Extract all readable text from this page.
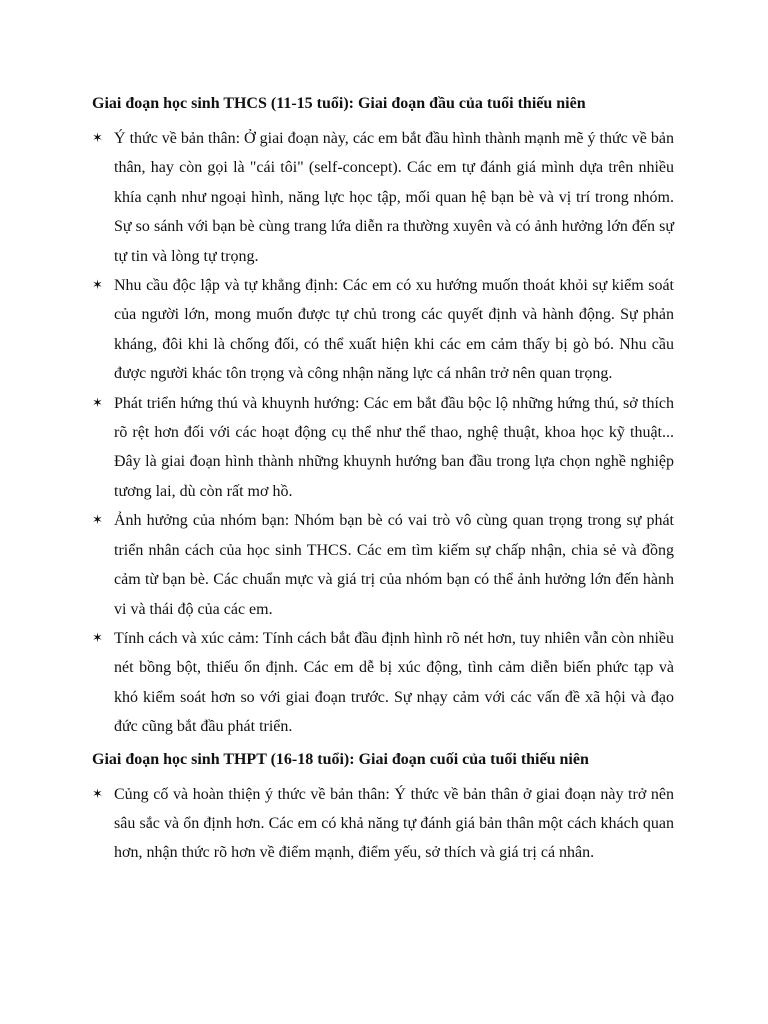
Giai đoạn học sinh THCS (11-15 tuổi): Giai đoạn đầu của tuổi thiếu niên

✶ Ý thức về bản thân: Ở giai đoạn này, các em bắt đầu hình thành mạnh mẽ ý thức về bản thân, hay còn gọi là "cái tôi" (self-concept). Các em tự đánh giá mình dựa trên nhiều khía cạnh như ngoại hình, năng lực học tập, mối quan hệ bạn bè và vị trí trong nhóm. Sự so sánh với bạn bè cùng trang lứa diễn ra thường xuyên và có ảnh hưởng lớn đến sự tự tin và lòng tự trọng.
✶ Nhu cầu độc lập và tự khẳng định: Các em có xu hướng muốn thoát khỏi sự kiểm soát của người lớn, mong muốn được tự chủ trong các quyết định và hành động. Sự phản kháng, đôi khi là chống đối, có thể xuất hiện khi các em cảm thấy bị gò bó. Nhu cầu được người khác tôn trọng và công nhận năng lực cá nhân trở nên quan trọng.
✶ Phát triển hứng thú và khuynh hướng: Các em bắt đầu bộc lộ những hứng thú, sở thích rõ rệt hơn đối với các hoạt động cụ thể như thể thao, nghệ thuật, khoa học kỹ thuật... Đây là giai đoạn hình thành những khuynh hướng ban đầu trong lựa chọn nghề nghiệp tương lai, dù còn rất mơ hồ.
✶ Ảnh hưởng của nhóm bạn: Nhóm bạn bè có vai trò vô cùng quan trọng trong sự phát triển nhân cách của học sinh THCS. Các em tìm kiếm sự chấp nhận, chia sẻ và đồng cảm từ bạn bè. Các chuẩn mực và giá trị của nhóm bạn có thể ảnh hưởng lớn đến hành vi và thái độ của các em.
✶ Tính cách và xúc cảm: Tính cách bắt đầu định hình rõ nét hơn, tuy nhiên vẫn còn nhiều nét bồng bột, thiếu ổn định. Các em dễ bị xúc động, tình cảm diễn biến phức tạp và khó kiểm soát hơn so với giai đoạn trước. Sự nhạy cảm với các vấn đề xã hội và đạo đức cũng bắt đầu phát triển.

Giai đoạn học sinh THPT (16-18 tuổi): Giai đoạn cuối của tuổi thiếu niên

✶ Củng cố và hoàn thiện ý thức về bản thân: Ý thức về bản thân ở giai đoạn này trở nên sâu sắc và ổn định hơn. Các em có khả năng tự đánh giá bản thân một cách khách quan hơn, nhận thức rõ hơn về điểm mạnh, điểm yếu, sở thích và giá trị cá nhân.
